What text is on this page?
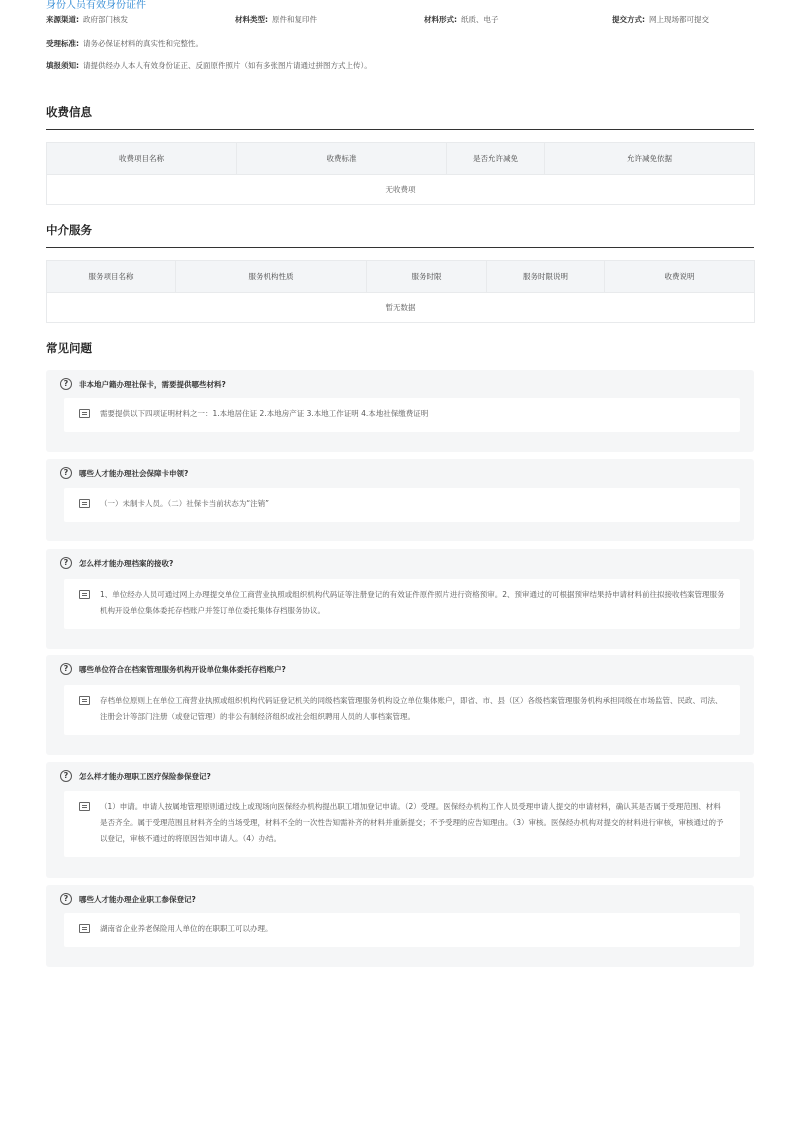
身份人员有效身份证件
来源渠道: 政府部门核发	材料类型: 原件和复印件	材料形式: 纸质、电子	提交方式: 网上现场都可提交
受理标准: 请务必保证材料的真实性和完整性。
填报须知: 请提供经办人本人有效身份证正、反面原件照片（如有多张图片请通过拼图方式上传）。
收费信息
收费项目名称	收费标准	是否允许减免	允许减免依据
无收费项
中介服务
服务项目名称	服务机构性质	服务时限	服务时限说明	收费说明
暂无数据
常见问题
?	非本地户籍办理社保卡，需要提供哪些材料?
需要提供以下四项证明材料之一：1.本地居住证 2.本地房产证 3.本地工作证明 4.本地社保缴费证明
?	哪些人才能办理社会保障卡申领?
（一）未制卡人员。（二）社保卡当前状态为“注销”
?	怎么样才能办理档案的接收?
1、单位经办人员可通过网上办理提交单位工商营业执照或组织机构代码证等注册登记的有效证件原件照片进行资格预审。2、预审通过的可根据预审结果持申请材料前往拟接收档案管理服务机构开设单位集体委托存档账户并签订单位委托集体存档服务协议。
?	哪些单位符合在档案管理服务机构开设单位集体委托存档账户?
存档单位原则上在单位工商营业执照或组织机构代码证登记机关的同级档案管理服务机构设立单位集体账户，即省、市、县（区）各级档案管理服务机构承担同级在市场监管、民政、司法、注册会计等部门注册（或登记管理）的非公有制经济组织或社会组织聘用人员的人事档案管理。
?	怎么样才能办理职工医疗保险参保登记?
（1）申请。申请人按属地管理原则通过线上或现场向医保经办机构提出职工增加登记申请。（2）受理。医保经办机构工作人员受理申请人提交的申请材料，确认其是否属于受理范围、材料是否齐全。属于受理范围且材料齐全的当场受理，材料不全的一次性告知需补齐的材料并重新提交；不予受理的应告知理由。（3）审核。医保经办机构对提交的材料进行审核，审核通过的予以登记，审核不通过的将原因告知申请人。（4）办结。
?	哪些人才能办理企业职工参保登记?
湖南省企业养老保险用人单位的在职职工可以办理。
